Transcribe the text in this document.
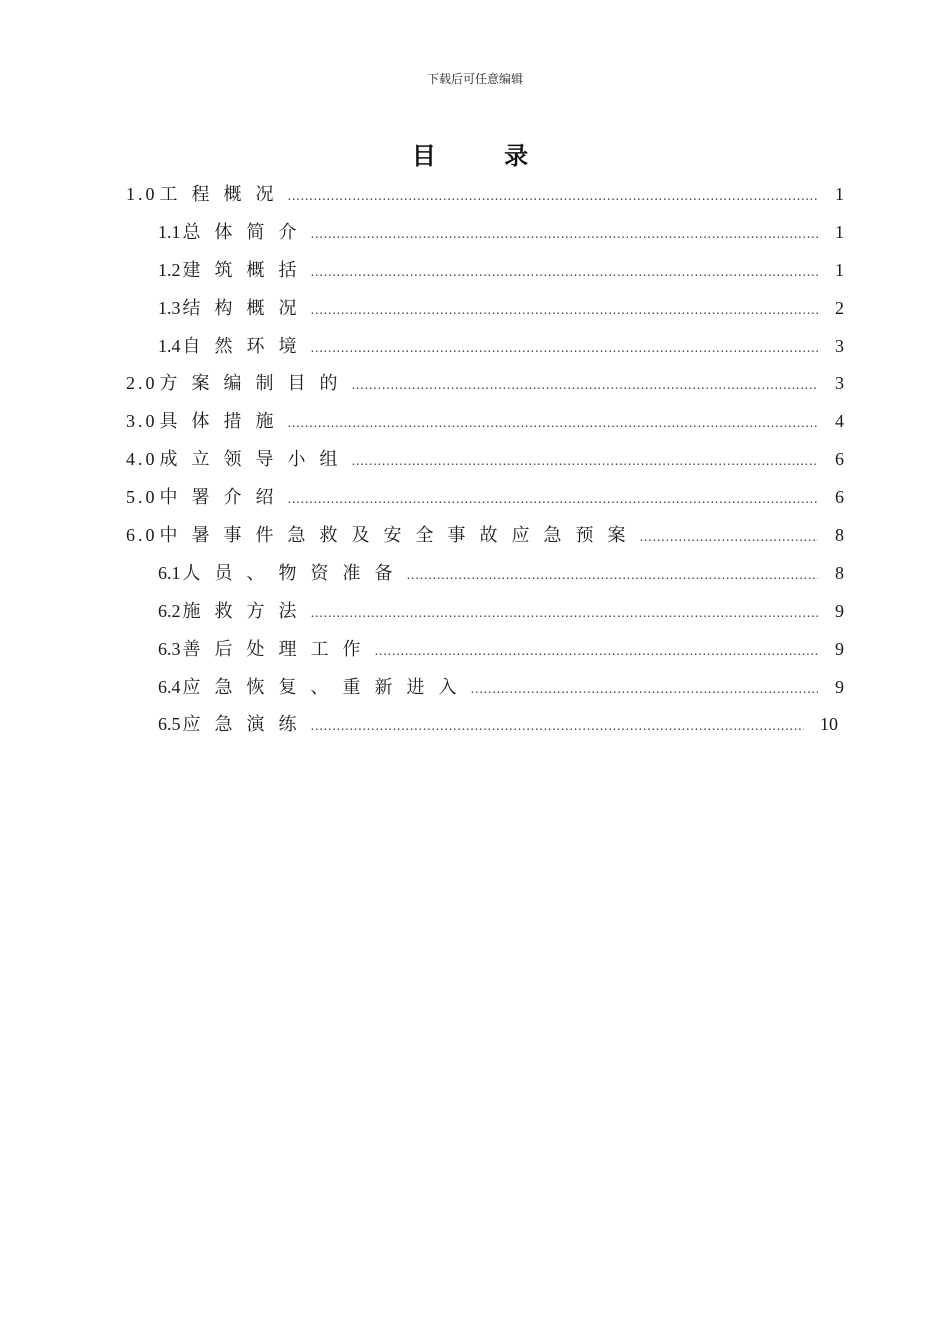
下载后可任意编辑
目 录
1.0 工程概况 .....	1
1.1 总体简介 .....	1
1.2 建筑概括 .....	1
1.3 结构概况 .....	2
1.4 自然环境 .....	3
2.0 方案编制目的 .....	3
3.0 具体措施 .....	4
4.0 成立领导小组 .....	6
5.0 中署介绍 .....	6
6.0 中暑事件急救及安全事故应急预案 .....	8
6.1 人员、物资准备 .....	8
6.2 施救方法 .....	9
6.3 善后处理工作 .....	9
6.4 应急恢复、重新进入 .....	9
6.5 应急演练 .....	10
